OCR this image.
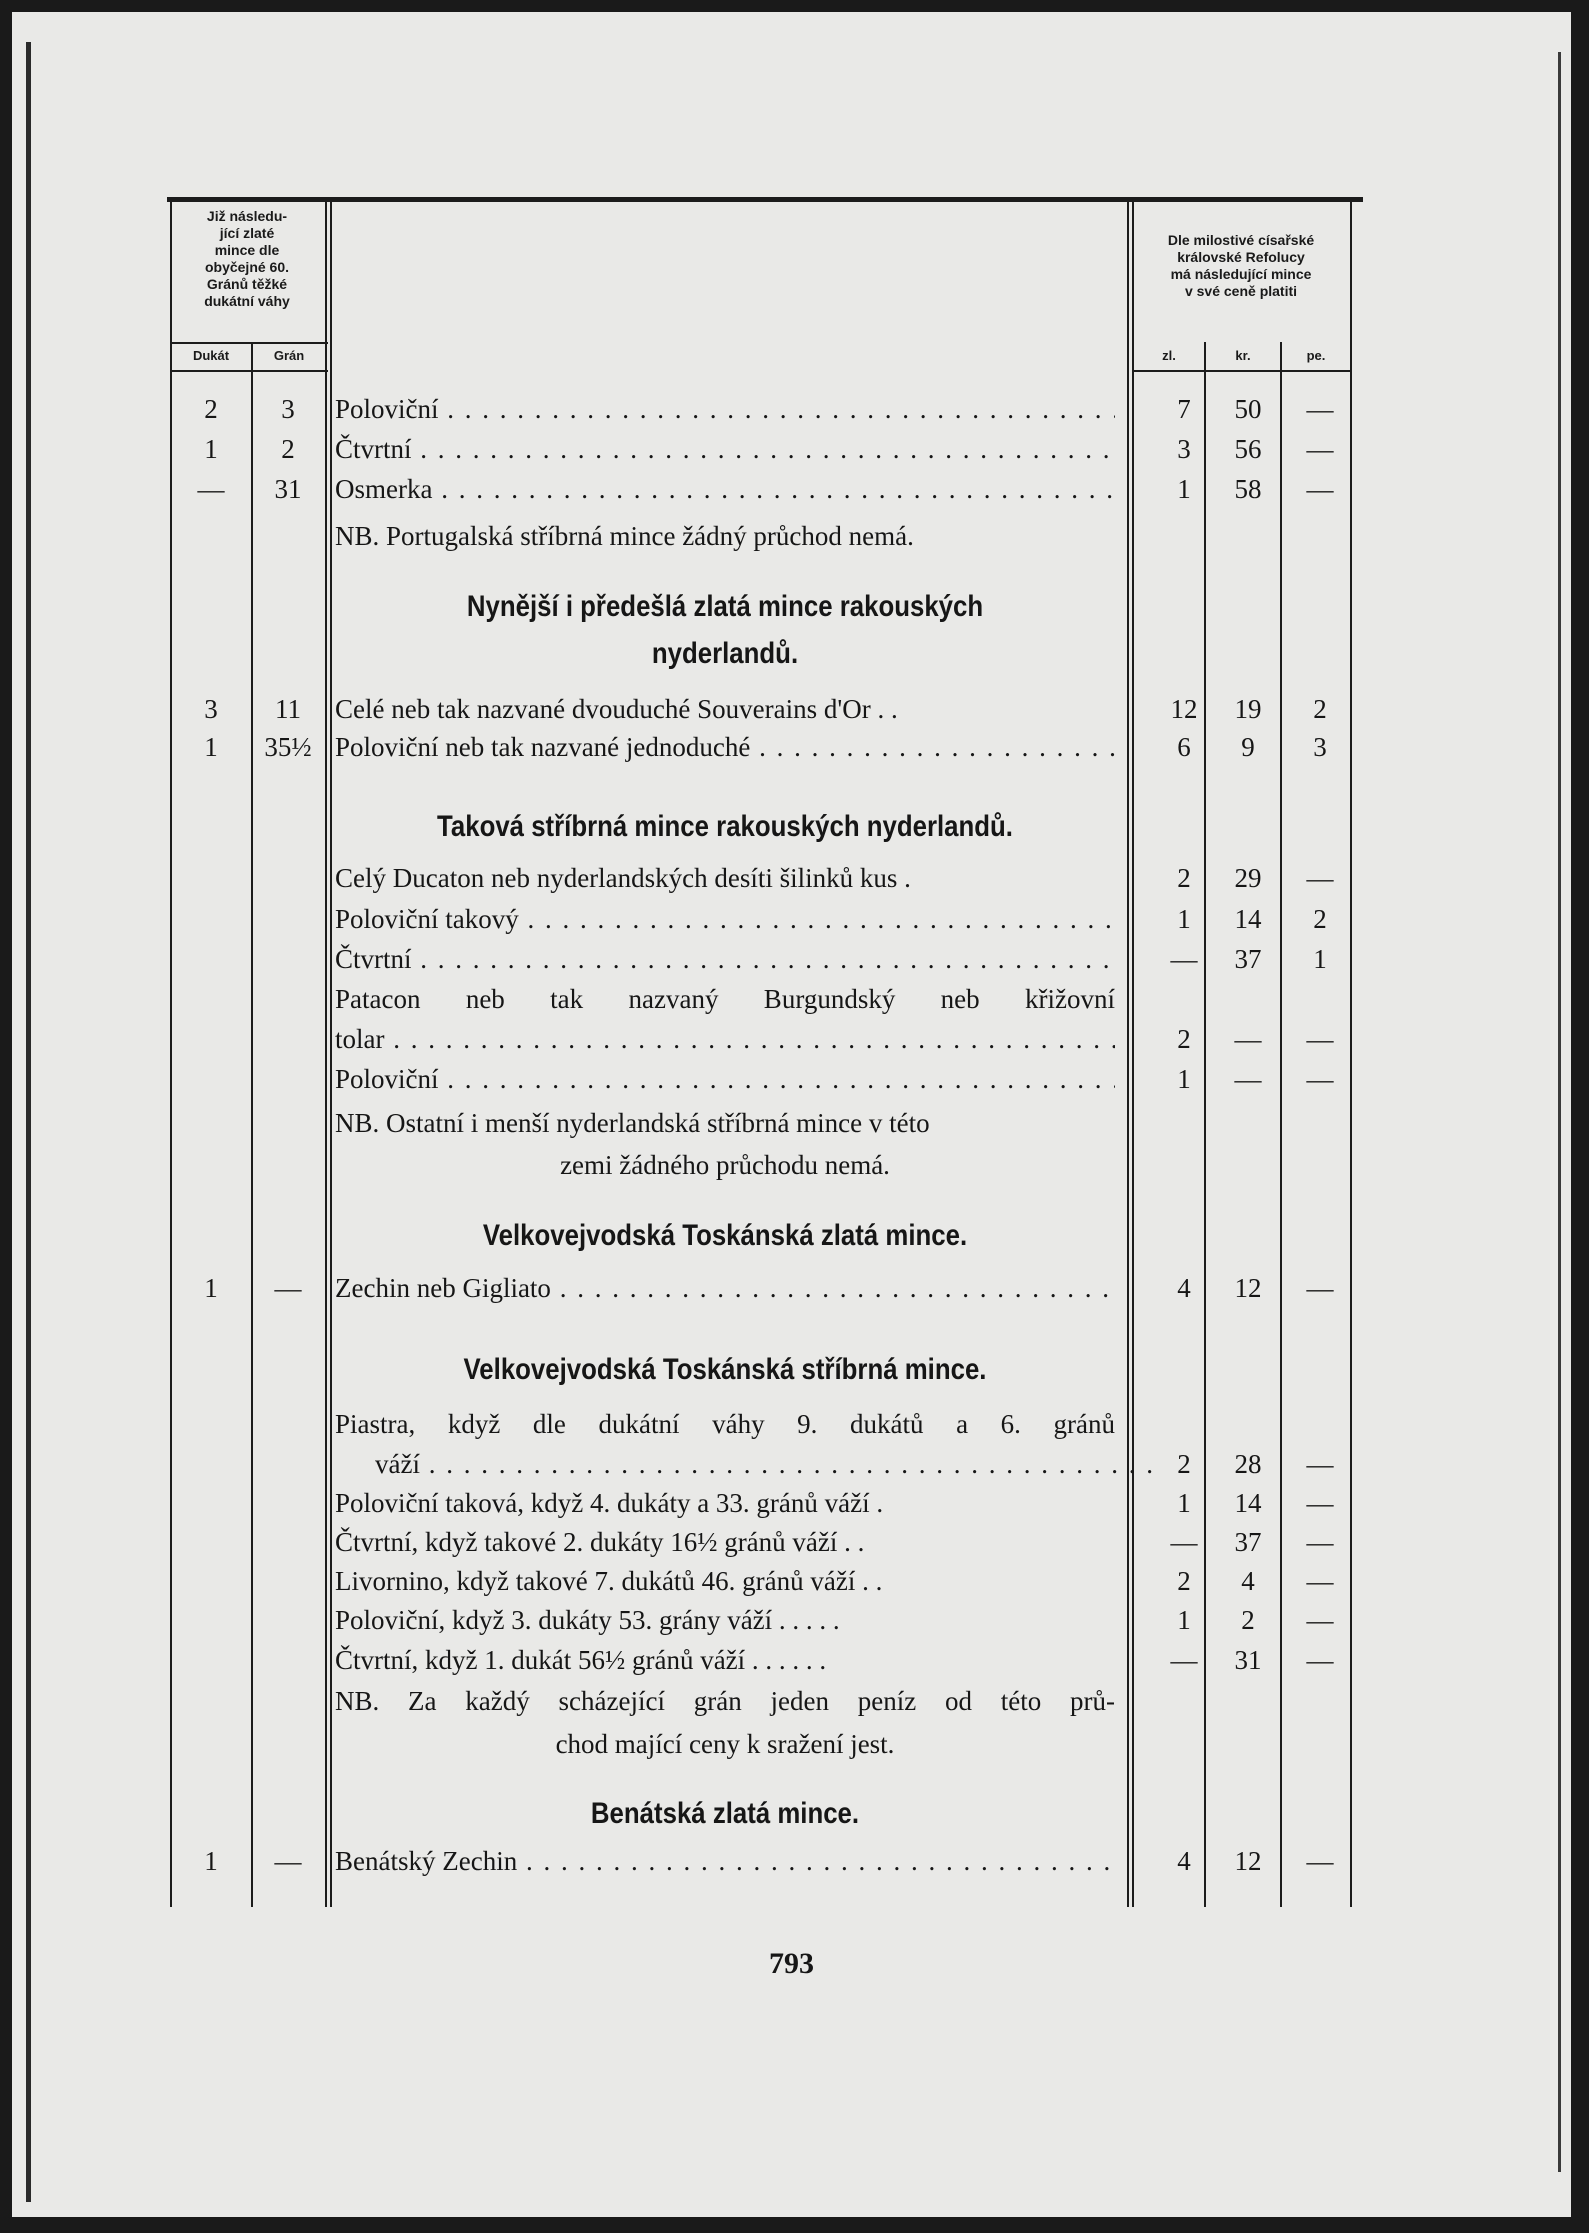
Již následu-
jící zlaté
mince dle
obyčejné 60.
Gránů těžké
dukátní váhy
Dle milostivé císařské
královské Refolucy
má následující mince
v své ceně platiti
Dukát	Grán	zl.	kr.	pe.
2	3	Poloviční . . .	7	50	—
1	2	Čtvrtní . . .	3	56	—
—	31	Osmerka . . .	1	58	—
NB. Portugalská stříbrná mince žádný průchod nemá.
Nynější i předešlá zlatá mince rakouských
nyderlandů.
3	11	Celé neb tak nazvané dvouduché Souverains d'Or . .	12	19	2
1	35½ Poloviční neb tak nazvané jednoduché . . .	6	9	3
Taková stříbrná mince rakouských nyderlandů.
Celý Ducaton neb nyderlandských desíti šilinků kus .	2	29	—
Poloviční takový . . .	1	14	2
Čtvrtní . . .	—	37	1
Patacon neb tak nazvaný Burgundský neb křižovní
tolar . . .	2	—	—
Poloviční . . .	1	—	—
NB. Ostatní i menší nyderlandská stříbrná mince v této
zemi žádného průchodu nemá.
Velkovejvodská Toskánská zlatá mince.
1	—	Zechin neb Gigliato . . .	4	12	—
Velkovejvodská Toskánská stříbrná mince.
Piastra, když dle dukátní váhy 9. dukátů a 6. gránů
váží . . .	2	28	—
Poloviční taková, když 4. dukáty a 33. gránů váží .	1	14	—
Čtvrtní, když takové 2. dukáty 16½ gránů váží . .	—	37	—
Livornino, když takové 7. dukátů 46. gránů váží . .	2	4	—
Poloviční, když 3. dukáty 53. grány váží . . . . .	1	2	—
Čtvrtní, když 1. dukát 56½ gránů váží . . . . . .	—	31	—
NB. Za každý scházející grán jeden peníz od této prů-
chod mající ceny k sražení jest.
Benátská zlatá mince.
1	—	Benátský Zechin . . .	4	12	—
793
